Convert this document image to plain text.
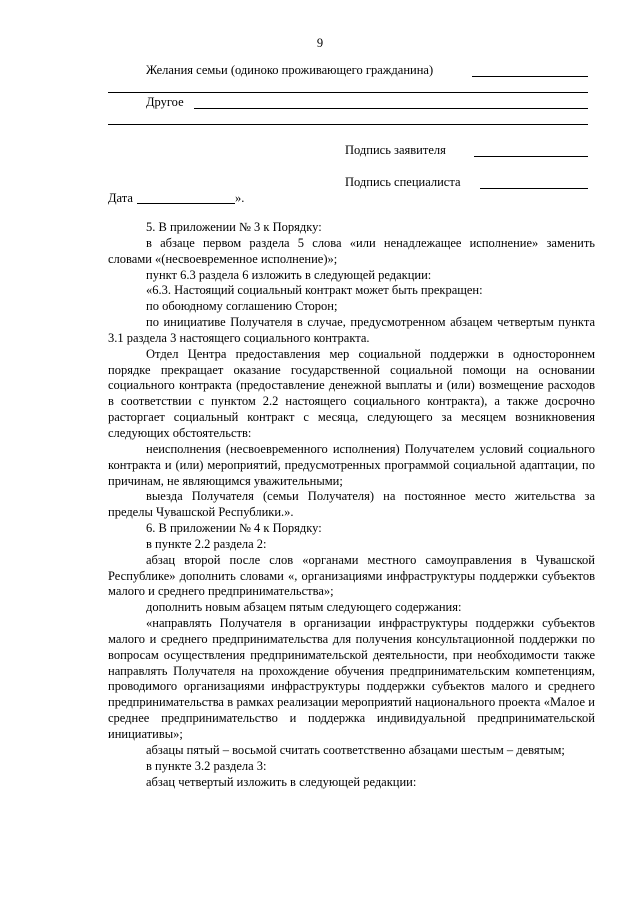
9
Желания семьи (одиноко проживающего гражданина)
Другое
Подпись заявителя
Подпись специалиста
Дата	».

5. В приложении № 3 к Порядку:

в абзаце первом раздела 5 слова «или ненадлежащее исполнение» заменить словами «(несвоевременное исполнение)»;

пункт 6.3 раздела 6 изложить в следующей редакции:

«6.3. Настоящий социальный контракт может быть прекращен:

по обоюдному соглашению Сторон;

по инициативе Получателя в случае, предусмотренном абзацем четвертым пункта 3.1 раздела 3 настоящего социального контракта.

Отдел Центра предоставления мер социальной поддержки в одностороннем порядке прекращает оказание государственной социальной помощи на основании социального контракта (предоставление денежной выплаты и (или) возмещение расходов в соответствии с пунктом 2.2 настоящего социального контракта), а также досрочно расторгает социальный контракт с месяца, следующего за месяцем возникновения следующих обстоятельств:

неисполнения (несвоевременного исполнения) Получателем условий социального контракта и (или) мероприятий, предусмотренных программой социальной адаптации, по причинам, не являющимся уважительными;

выезда Получателя (семьи Получателя) на постоянное место жительства за пределы Чувашской Республики.».

6. В приложении № 4 к Порядку:

в пункте 2.2 раздела 2:

абзац второй после слов «органами местного самоуправления в Чувашской Республике» дополнить словами «, организациями инфраструктуры поддержки субъектов малого и среднего предпринимательства»;

дополнить новым абзацем пятым следующего содержания:

«направлять Получателя в организации инфраструктуры поддержки субъектов малого и среднего предпринимательства для получения консультационной поддержки по вопросам осуществления предпринимательской деятельности, при необходимости также направлять Получателя на прохождение обучения предпринимательским компетенциям, проводимого организациями инфраструктуры поддержки субъектов малого и среднего предпринимательства в рамках реализации мероприятий национального проекта «Малое и среднее предпринимательство и поддержка индивидуальной предпринимательской инициативы»;

абзацы пятый – восьмой считать соответственно абзацами шестым – девятым;

в пункте 3.2 раздела 3:

абзац четвертый изложить в следующей редакции:
